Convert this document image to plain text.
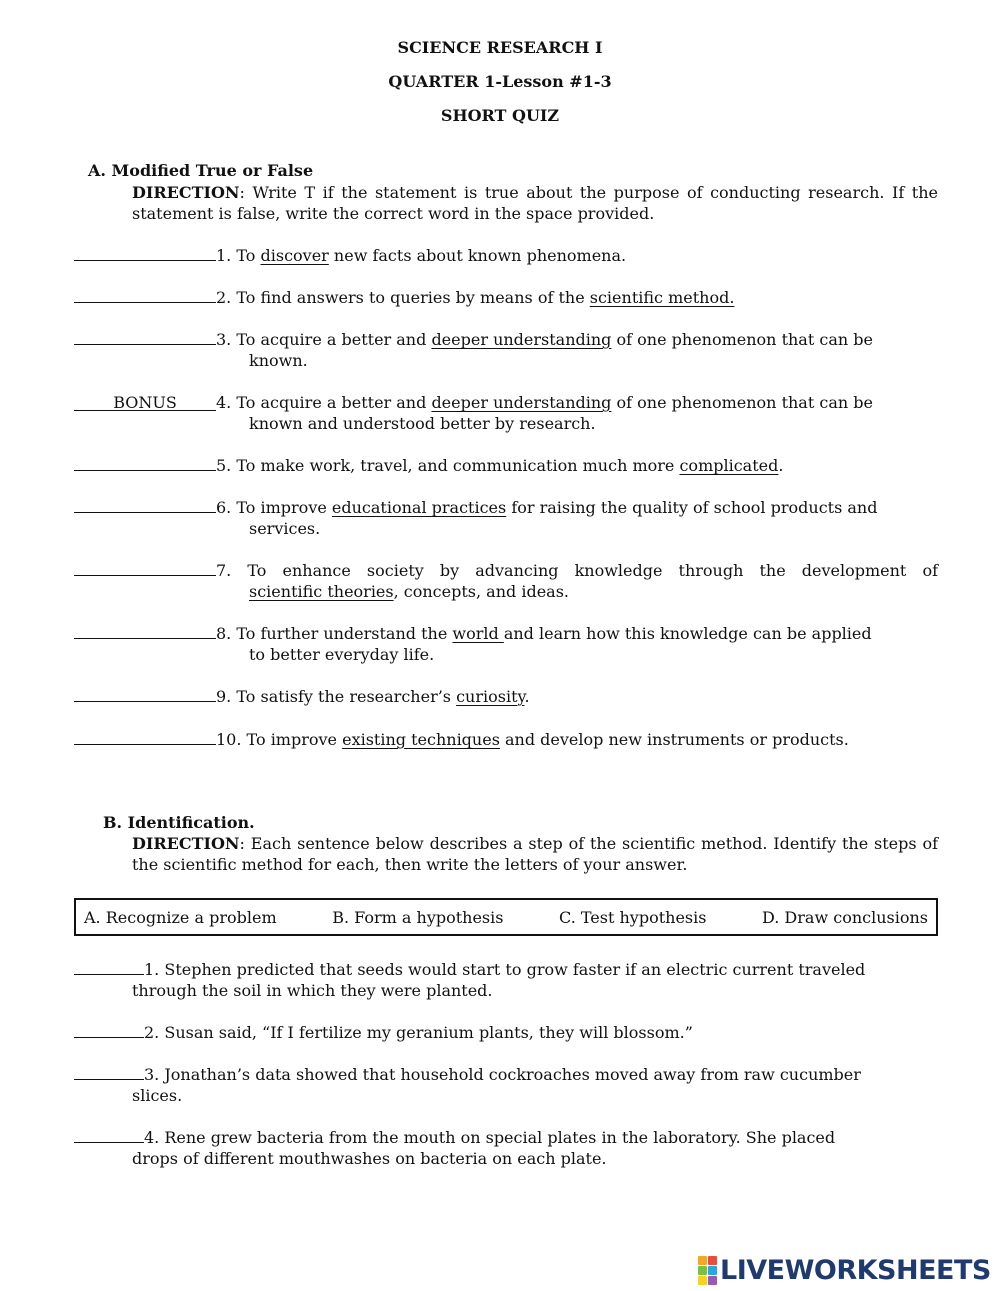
SCIENCE RESEARCH I
QUARTER 1-Lesson #1-3
SHORT QUIZ
A. Modified True or False
DIRECTION: Write T if the statement is true about the purpose of conducting research. If the statement is false, write the correct word in the space provided.
1. To discover new facts about known phenomena.
2. To find answers to queries by means of the scientific method.
3. To acquire a better and deeper understanding of one phenomenon that can be
known.
BONUS 4. To acquire a better and deeper understanding of one phenomenon that can be
known and understood better by research.
5. To make work, travel, and communication much more complicated.
6. To improve educational practices for raising the quality of school products and
services.
7. To enhance society by advancing knowledge through the development of
scientific theories, concepts, and ideas.
8. To further understand the world and learn how this knowledge can be applied
to better everyday life.
9. To satisfy the researcher’s curiosity.
10. To improve existing techniques and develop new instruments or products.
B. Identification.
DIRECTION: Each sentence below describes a step of the scientific method. Identify the steps of the scientific method for each, then write the letters of your answer.
A. Recognize a problem	B. Form a hypothesis	C. Test hypothesis	D. Draw conclusions
1. Stephen predicted that seeds would start to grow faster if an electric current traveled
through the soil in which they were planted.
2. Susan said, “If I fertilize my geranium plants, they will blossom.”
3. Jonathan’s data showed that household cockroaches moved away from raw cucumber
slices.
4. Rene grew bacteria from the mouth on special plates in the laboratory. She placed
drops of different mouthwashes on bacteria on each plate.
LIVEWORKSHEETS
